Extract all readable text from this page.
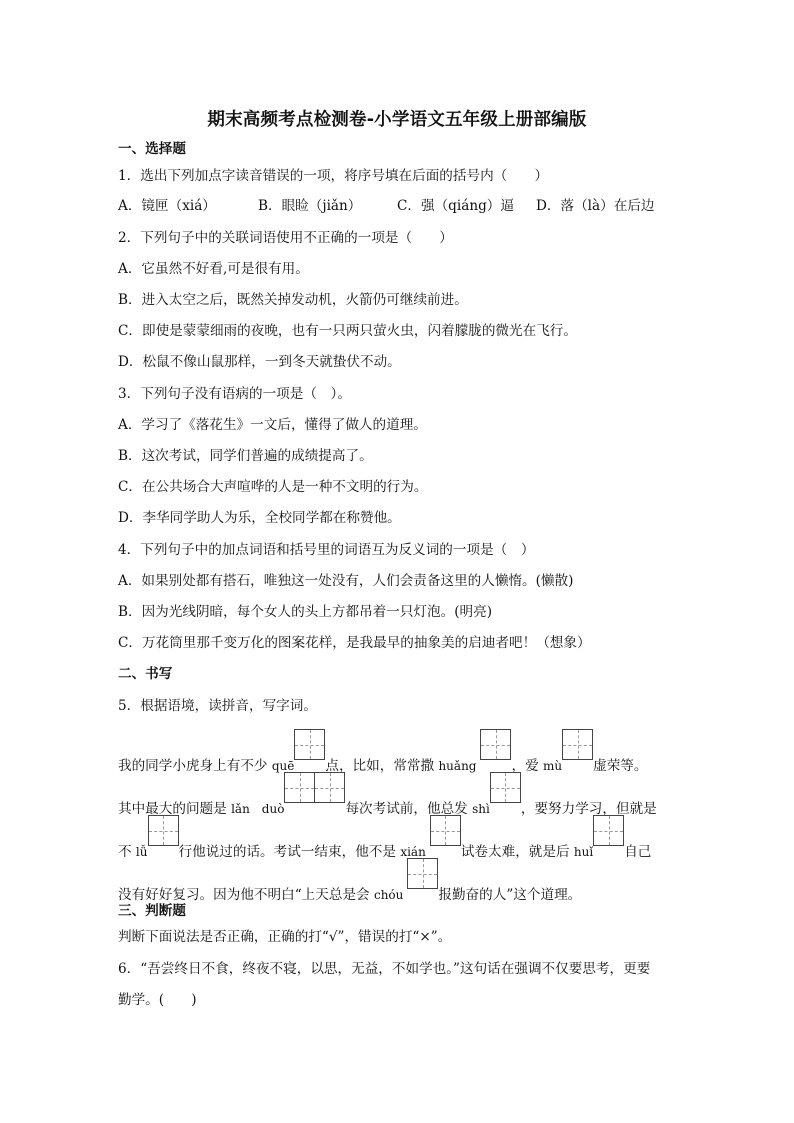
期末高频考点检测卷-小学语文五年级上册部编版
一、选择题
1．选出下列加点字读音错误的一项，将序号填在后面的括号内（　　）
A．镜匣（xiá）	B．眼睑（jiǎn）	C．强（qiáng）逼 D．落（là）在后边
2．下列句子中的关联词语使用不正确的一项是（　　）
A．它虽然不好看,可是很有用。
B．进入太空之后，既然关掉发动机，火箭仍可继续前进。
C．即使是蒙蒙细雨的夜晚，也有一只两只萤火虫，闪着朦胧的微光在飞行。
D．松鼠不像山鼠那样，一到冬天就蛰伏不动。
3．下列句子没有语病的一项是（　）。
A．学习了《落花生》一文后，懂得了做人的道理。
B．这次考试，同学们普遍的成绩提高了。
C．在公共场合大声喧哗的人是一种不文明的行为。
D．李华同学助人为乐，全校同学都在称赞他。
4．下列句子中的加点词语和括号里的词语互为反义词的一项是（　）
A．如果别处都有搭石，唯独这一处没有，人们会责备这里的人懒惰。(懒散)
B．因为光线阴暗，每个女人的头上方都吊着一只灯泡。(明亮)
C．万花筒里那千变万化的图案花样，是我最早的抽象美的启迪者吧！（想象）
二、书写
5．根据语境，读拼音，写字词。
我的同学小虎身上有不少 quē 点，比如，常常撒 huǎng	，爱 mù 虚荣等。
其中最大的问题是 lǎn　duò	每次考试前，他总发 shì ，要努力学习，但就是
不 lǚ 行他说过的话。考试一结束，他不是 xián	试卷太难，就是后 huǐ 自己
没有好好复习。因为他不明白“上天总是会 chóu	报勤奋的人”这个道理。
三、判断题
判断下面说法是否正确，正确的打“√”，错误的打“×”。
6．“吾尝终日不食，终夜不寝，以思，无益，不如学也。”这句话在强调不仅要思考，更要
勤学。(　　)
